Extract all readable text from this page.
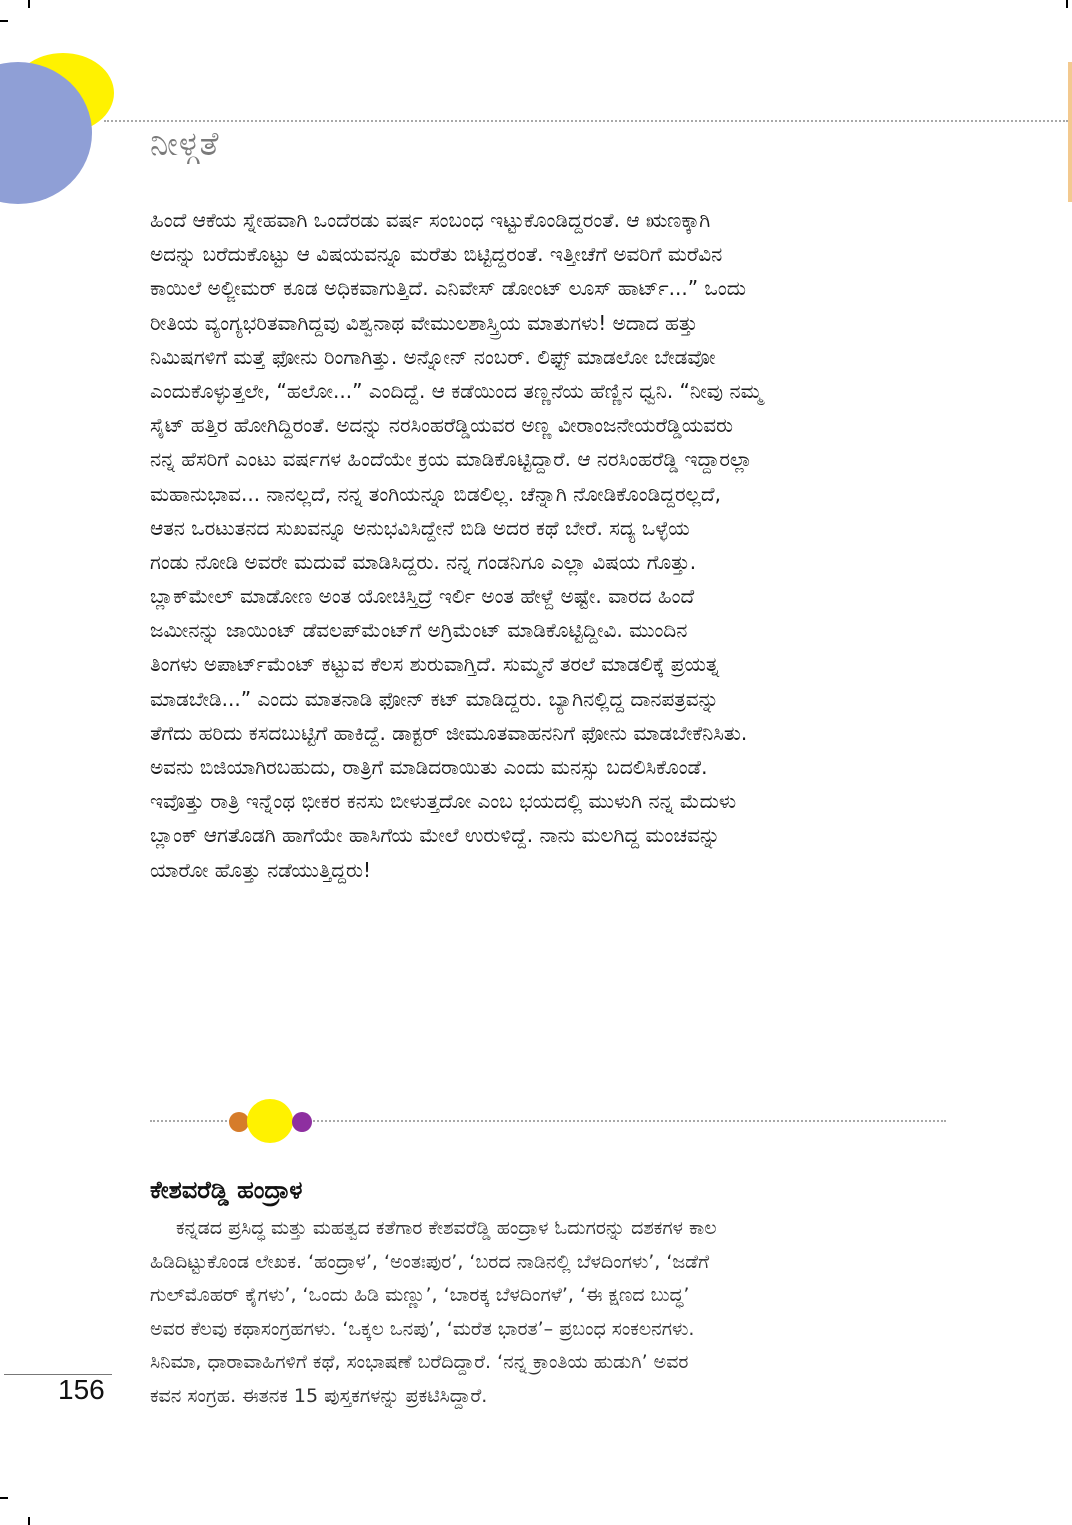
ನೀಳ್ಗತೆ
ಹಿಂದೆ ಆಕೆಯ ಸ್ನೇಹವಾಗಿ ಒಂದೆರಡು ವರ್ಷ ಸಂಬಂಧ ಇಟ್ಟುಕೊಂಡಿದ್ದರಂತೆ. ಆ ಋಣಕ್ಕಾಗಿ
ಅದನ್ನು ಬರೆದುಕೊಟ್ಟು ಆ ವಿಷಯವನ್ನೂ ಮರೆತು ಬಿಟ್ಟಿದ್ದರಂತೆ. ಇತ್ತೀಚೆಗೆ ಅವರಿಗೆ ಮರೆವಿನ
ಕಾಯಿಲೆ ಅಲ್ಜೀಮರ್ ಕೂಡ ಅಧಿಕವಾಗುತ್ತಿದೆ. ಎನಿವೇಸ್ ಡೋಂಟ್ ಲೂಸ್ ಹಾರ್ಟ್...” ಒಂದು
ರೀತಿಯ ವ್ಯಂಗ್ಯಭರಿತವಾಗಿದ್ದವು ವಿಶ್ವನಾಥ ವೇಮುಲಶಾಸ್ತ್ರಿಯ ಮಾತುಗಳು! ಅದಾದ ಹತ್ತು
ನಿಮಿಷಗಳಿಗೆ ಮತ್ತೆ ಫೋನು ರಿಂಗಾಗಿತ್ತು. ಅನ್ನೋನ್ ನಂಬರ್. ಲಿಫ್ಟ್ ಮಾಡಲೋ ಬೇಡವೋ
ಎಂದುಕೊಳ್ಳುತ್ತಲೇ, “ಹಲೋ...” ಎಂದಿದ್ದೆ. ಆ ಕಡೆಯಿಂದ ತಣ್ಣನೆಯ ಹೆಣ್ಣಿನ ಧ್ವನಿ. “ನೀವು ನಮ್ಮ
ಸೈಟ್ ಹತ್ತಿರ ಹೋಗಿದ್ದಿರಂತೆ. ಅದನ್ನು ನರಸಿಂಹರೆಡ್ಡಿಯವರ ಅಣ್ಣ ವೀರಾಂಜನೇಯರೆಡ್ಡಿಯವರು
ನನ್ನ ಹೆಸರಿಗೆ ಎಂಟು ವರ್ಷಗಳ ಹಿಂದೆಯೇ ಕ್ರಯ ಮಾಡಿಕೊಟ್ಟಿದ್ದಾರೆ. ಆ ನರಸಿಂಹರೆಡ್ಡಿ ಇದ್ದಾರಲ್ಲಾ
ಮಹಾನುಭಾವ... ನಾನಲ್ಲದೆ, ನನ್ನ ತಂಗಿಯನ್ನೂ ಬಿಡಲಿಲ್ಲ. ಚೆನ್ನಾಗಿ ನೋಡಿಕೊಂಡಿದ್ದರಲ್ಲದೆ,
ಆತನ ಒರಟುತನದ ಸುಖವನ್ನೂ ಅನುಭವಿಸಿದ್ದೇನೆ ಬಿಡಿ ಅದರ ಕಥೆ ಬೇರೆ. ಸದ್ಯ ಒಳ್ಳೆಯ
ಗಂಡು ನೋಡಿ ಅವರೇ ಮದುವೆ ಮಾಡಿಸಿದ್ದರು. ನನ್ನ ಗಂಡನಿಗೂ ಎಲ್ಲಾ ವಿಷಯ ಗೊತ್ತು.
ಬ್ಲಾಕ್‌ಮೇಲ್ ಮಾಡೋಣ ಅಂತ ಯೋಚಿಸ್ತಿದ್ರೆ ಇರ್ಲಿ ಅಂತ ಹೇಳ್ದೆ ಅಷ್ಟೇ. ವಾರದ ಹಿಂದೆ
ಜಮೀನನ್ನು ಜಾಯಿಂಟ್ ಡೆವಲಪ್‌ಮೆಂಟ್‌ಗೆ ಅಗ್ರಿಮೆಂಟ್ ಮಾಡಿಕೊಟ್ಟಿದ್ದೀವಿ. ಮುಂದಿನ
ತಿಂಗಳು ಅಪಾರ್ಟ್‌ಮೆಂಟ್ ಕಟ್ಟುವ ಕೆಲಸ ಶುರುವಾಗ್ತಿದೆ. ಸುಮ್ಮನೆ ತರಲೆ ಮಾಡಲಿಕ್ಕೆ ಪ್ರಯತ್ನ
ಮಾಡಬೇಡಿ...” ಎಂದು ಮಾತನಾಡಿ ಫೋನ್ ಕಟ್ ಮಾಡಿದ್ದರು. ಬ್ಯಾಗಿನಲ್ಲಿದ್ದ ದಾನಪತ್ರವನ್ನು
ತೆಗೆದು ಹರಿದು ಕಸದಬುಟ್ಟಿಗೆ ಹಾಕಿದ್ದೆ. ಡಾಕ್ಟರ್ ಜೀಮೂತವಾಹನನಿಗೆ ಫೋನು ಮಾಡಬೇಕೆನಿಸಿತು.
ಅವನು ಬಿಜಿಯಾಗಿರಬಹುದು, ರಾತ್ರಿಗೆ ಮಾಡಿದರಾಯಿತು ಎಂದು ಮನಸ್ಸು ಬದಲಿಸಿಕೊಂಡೆ.
ಇವೊತ್ತು ರಾತ್ರಿ ಇನ್ನೆಂಥ ಭೀಕರ ಕನಸು ಬೀಳುತ್ತದೋ ಎಂಬ ಭಯದಲ್ಲಿ ಮುಳುಗಿ ನನ್ನ ಮೆದುಳು
ಬ್ಲಾಂಕ್ ಆಗತೊಡಗಿ ಹಾಗೆಯೇ ಹಾಸಿಗೆಯ ಮೇಲೆ ಉರುಳಿದ್ದೆ. ನಾನು ಮಲಗಿದ್ದ ಮಂಚವನ್ನು
ಯಾರೋ ಹೊತ್ತು ನಡೆಯುತ್ತಿದ್ದರು!
ಕೇಶವರೆಡ್ಡಿ ಹಂದ್ರಾಳ
ಕನ್ನಡದ ಪ್ರಸಿದ್ಧ ಮತ್ತು ಮಹತ್ವದ ಕತೆಗಾರ ಕೇಶವರೆಡ್ಡಿ ಹಂದ್ರಾಳ ಓದುಗರನ್ನು ದಶಕಗಳ ಕಾಲ
ಹಿಡಿದಿಟ್ಟುಕೊಂಡ ಲೇಖಕ. ‘ಹಂದ್ರಾಳ’, ‘ಅಂತಃಪುರ’, ‘ಬರದ ನಾಡಿನಲ್ಲಿ ಬೆಳದಿಂಗಳು’, ‘ಜಡೆಗೆ
ಗುಲ್‌ಮೊಹರ್ ಕೈಗಳು’, ‘ಒಂದು ಹಿಡಿ ಮಣ್ಣು’, ‘ಬಾರಕ್ಕ ಬೆಳದಿಂಗಳೆ’, ‘ಈ ಕ್ಷಣದ ಬುದ್ಧ’
ಅವರ ಕೆಲವು ಕಥಾಸಂಗ್ರಹಗಳು. ‘ಒಕ್ಕಲ ಒನಪು’, ‘ಮರೆತ ಭಾರತ’– ಪ್ರಬಂಧ ಸಂಕಲನಗಳು.
ಸಿನಿಮಾ, ಧಾರಾವಾಹಿಗಳಿಗೆ ಕಥೆ, ಸಂಭಾಷಣೆ ಬರೆದಿದ್ದಾರೆ. ‘ನನ್ನ ಕ್ರಾಂತಿಯ ಹುಡುಗಿ’ ಅವರ
ಕವನ ಸಂಗ್ರಹ. ಈತನಕ 15 ಪುಸ್ತಕಗಳನ್ನು ಪ್ರಕಟಿಸಿದ್ದಾರೆ.
156
